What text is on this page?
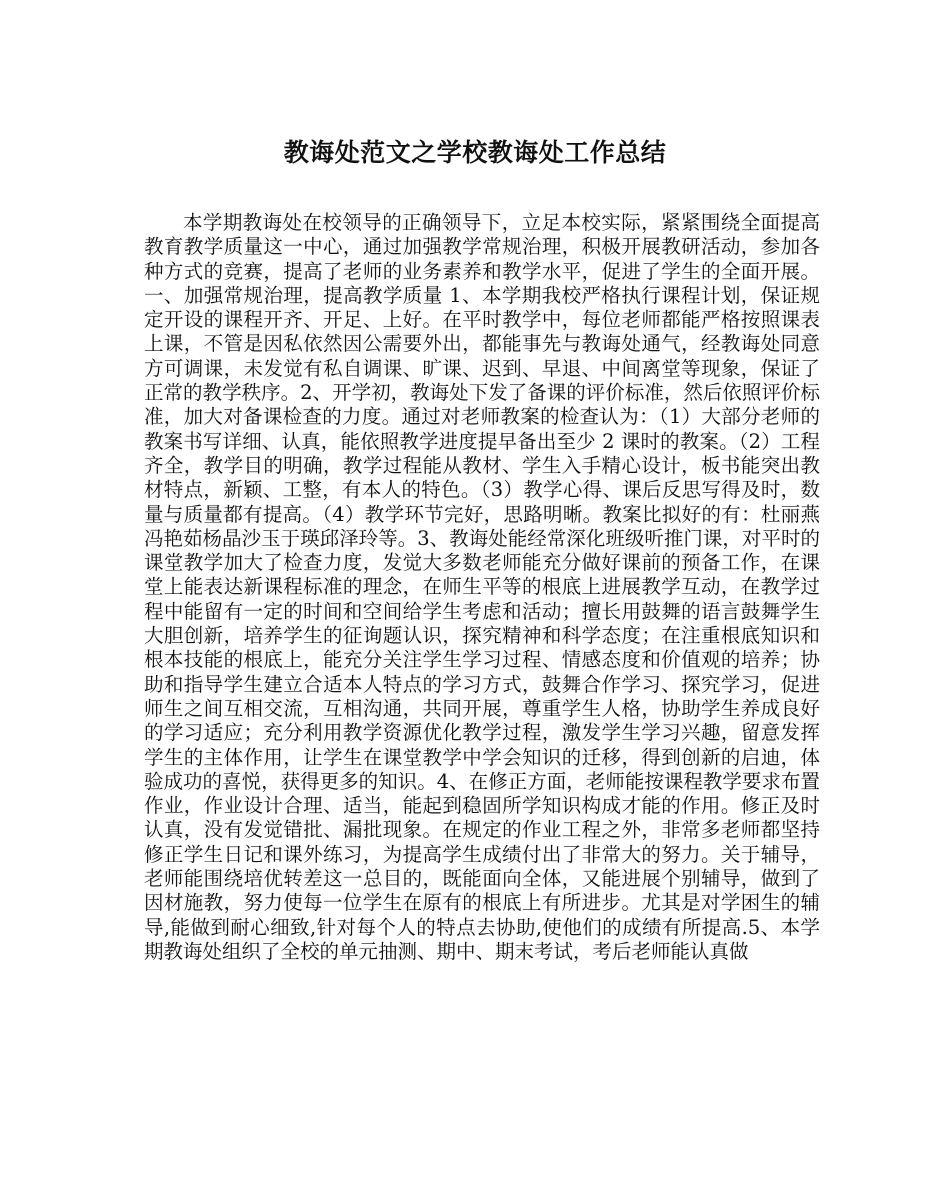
教诲处范文之学校教诲处工作总结

本学期教诲处在校领导的正确领导下，立足本校实际，紧紧围绕全面提高教育教学质量这一中心，通过加强教学常规治理，积极开展教研活动，参加各种方式的竞赛，提高了老师的业务素养和教学水平，促进了学生的全面开展。一、加强常规治理，提高教学质量 1、本学期我校严格执行课程计划，保证规定开设的课程开齐、开足、上好。在平时教学中，每位老师都能严格按照课表上课，不管是因私依然因公需要外出，都能事先与教诲处通气，经教诲处同意方可调课，未发觉有私自调课、旷课、迟到、早退、中间离堂等现象，保证了正常的教学秩序。2、开学初，教诲处下发了备课的评价标准，然后依照评价标准，加大对备课检查的力度。通过对老师教案的检查认为：（1）大部分老师的教案书写详细、认真，能依照教学进度提早备出至少 2 课时的教案。（2）工程齐全，教学目的明确，教学过程能从教材、学生入手精心设计，板书能突出教材特点，新颖、工整，有本人的特色。（3）教学心得、课后反思写得及时，数量与质量都有提高。（4）教学环节完好，思路明晰。教案比拟好的有：杜丽燕冯艳茹杨晶沙玉于瑛邱泽玲等。3、教诲处能经常深化班级听推门课，对平时的课堂教学加大了检查力度，发觉大多数老师能充分做好课前的预备工作，在课堂上能表达新课程标准的理念，在师生平等的根底上进展教学互动，在教学过程中能留有一定的时间和空间给学生考虑和活动；擅长用鼓舞的语言鼓舞学生大胆创新，培养学生的征询题认识，探究精神和科学态度；在注重根底知识和根本技能的根底上，能充分关注学生学习过程、情感态度和价值观的培养；协助和指导学生建立合适本人特点的学习方式，鼓舞合作学习、探究学习，促进师生之间互相交流，互相沟通，共同开展，尊重学生人格，协助学生养成良好的学习适应；充分利用教学资源优化教学过程，激发学生学习兴趣，留意发挥学生的主体作用，让学生在课堂教学中学会知识的迁移，得到创新的启迪，体验成功的喜悦，获得更多的知识。4、在修正方面，老师能按课程教学要求布置作业，作业设计合理、适当，能起到稳固所学知识构成才能的作用。修正及时认真，没有发觉错批、漏批现象。在规定的作业工程之外，非常多老师都坚持修正学生日记和课外练习，为提高学生成绩付出了非常大的努力。关于辅导，老师能围绕培优转差这一总目的，既能面向全体，又能进展个别辅导，做到了因材施教，努力使每一位学生在原有的根底上有所进步。尤其是对学困生的辅导,能做到耐心细致,针对每个人的特点去协助,使他们的成绩有所提高.5、本学期教诲处组织了全校的单元抽测、期中、期末考试，考后老师能认真做
